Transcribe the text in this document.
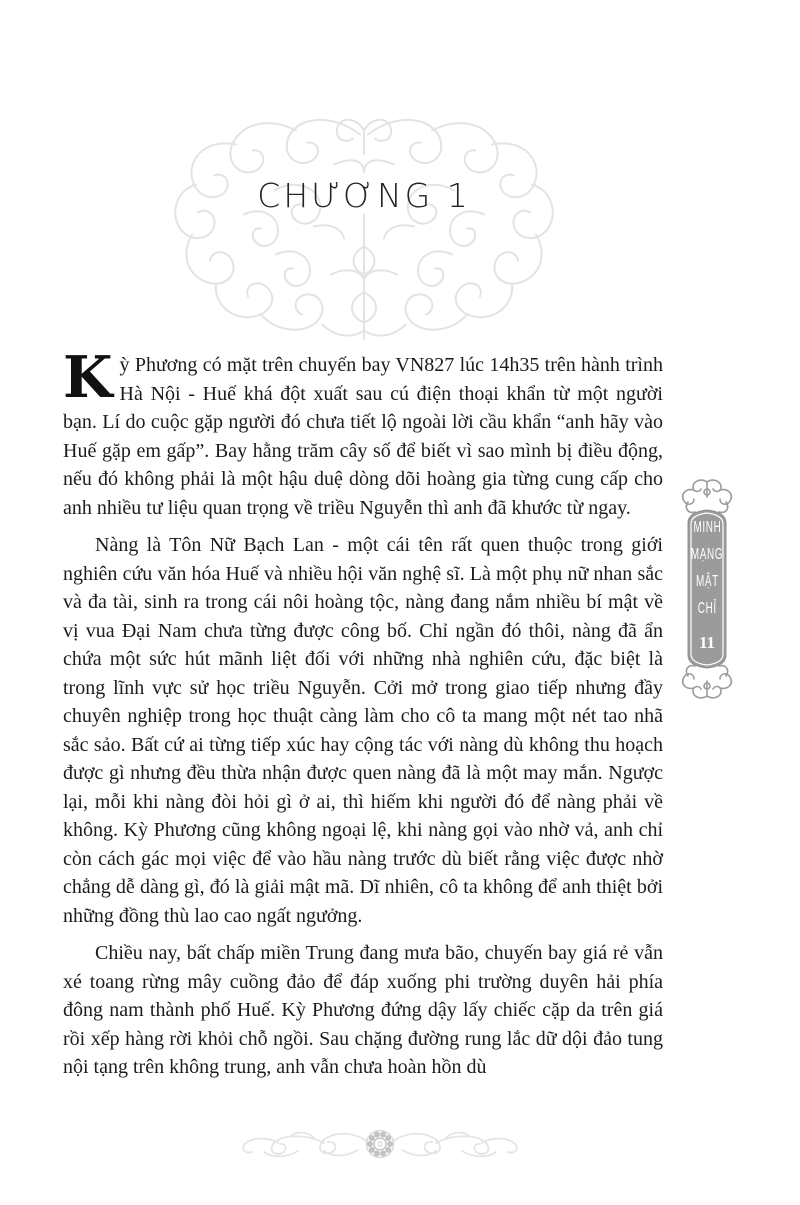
CHƯƠNG 1

Kỳ Phương có mặt trên chuyến bay VN827 lúc 14h35 trên hành trình Hà Nội - Huế khá đột xuất sau cú điện thoại khẩn từ một người bạn. Lí do cuộc gặp người đó chưa tiết lộ ngoài lời cầu khẩn “anh hãy vào Huế gặp em gấp”. Bay hằng trăm cây số để biết vì sao mình bị điều động, nếu đó không phải là một hậu duệ dòng dõi hoàng gia từng cung cấp cho anh nhiều tư liệu quan trọng về triều Nguyễn thì anh đã khước từ ngay.

Nàng là Tôn Nữ Bạch Lan - một cái tên rất quen thuộc trong giới nghiên cứu văn hóa Huế và nhiều hội văn nghệ sĩ. Là một phụ nữ nhan sắc và đa tài, sinh ra trong cái nôi hoàng tộc, nàng đang nắm nhiều bí mật về vị vua Đại Nam chưa từng được công bố. Chỉ ngần đó thôi, nàng đã ẩn chứa một sức hút mãnh liệt đối với những nhà nghiên cứu, đặc biệt là trong lĩnh vực sử học triều Nguyễn. Cởi mở trong giao tiếp nhưng đầy chuyên nghiệp trong học thuật càng làm cho cô ta mang một nét tao nhã sắc sảo. Bất cứ ai từng tiếp xúc hay cộng tác với nàng dù không thu hoạch được gì nhưng đều thừa nhận được quen nàng đã là một may mắn. Ngược lại, mỗi khi nàng đòi hỏi gì ở ai, thì hiếm khi người đó để nàng phải về không. Kỳ Phương cũng không ngoại lệ, khi nàng gọi vào nhờ vả, anh chỉ còn cách gác mọi việc để vào hầu nàng trước dù biết rằng việc được nhờ chẳng dễ dàng gì, đó là giải mật mã. Dĩ nhiên, cô ta không để anh thiệt bởi những đồng thù lao cao ngất ngưởng.

Chiều nay, bất chấp miền Trung đang mưa bão, chuyến bay giá rẻ vẫn xé toang rừng mây cuồng đảo để đáp xuống phi trường duyên hải phía đông nam thành phố Huế. Kỳ Phương đứng dậy lấy chiếc cặp da trên giá rồi xếp hàng rời khỏi chỗ ngồi. Sau chặng đường rung lắc dữ dội đảo tung nội tạng trên không trung, anh vẫn chưa hoàn hồn dù

MINH
MẠNG
MẬT
CHỈ
11
